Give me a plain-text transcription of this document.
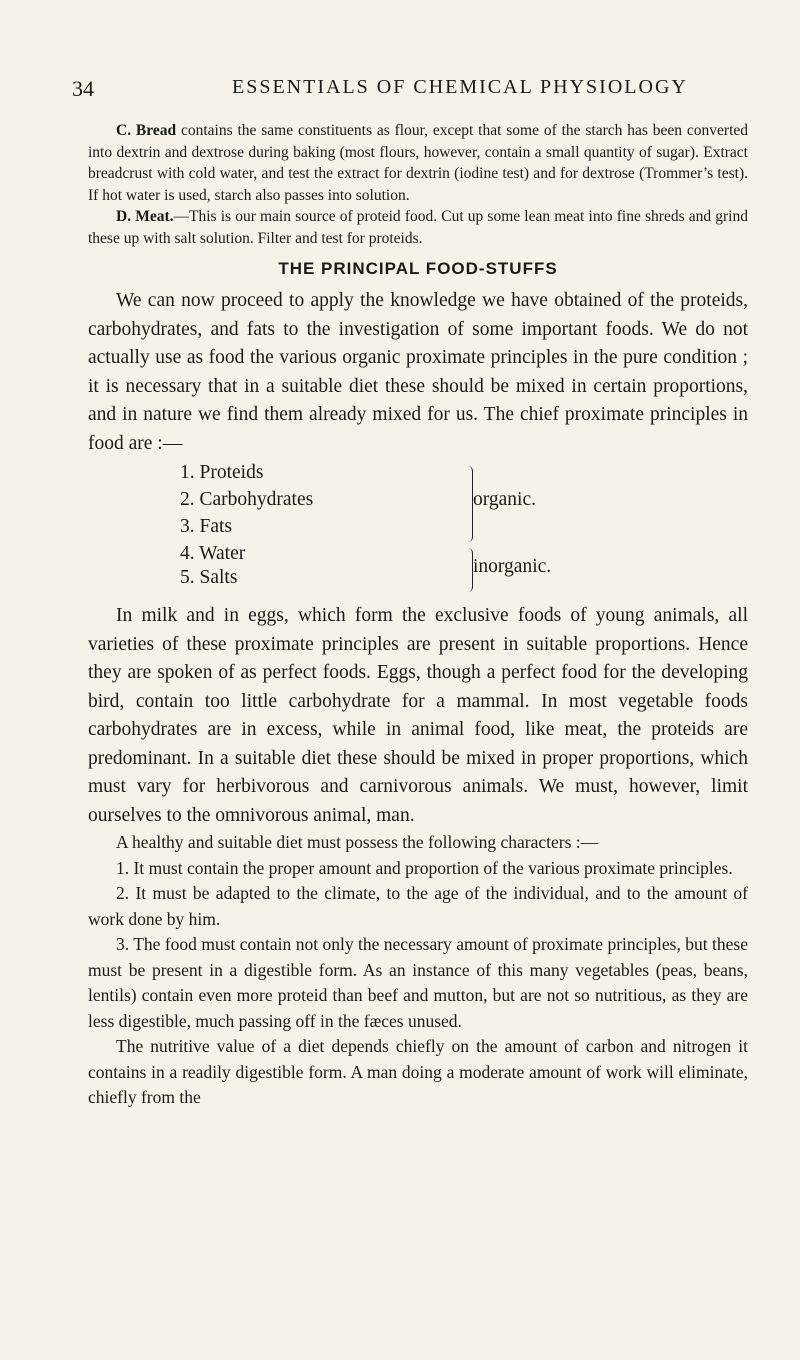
34	ESSENTIALS OF CHEMICAL PHYSIOLOGY

C. Bread contains the same constituents as flour, except that some of the starch has been converted into dextrin and dextrose during baking (most flours, however, contain a small quantity of sugar). Extract breadcrust with cold water, and test the extract for dextrin (iodine test) and for dextrose (Trommer’s test). If hot water is used, starch also passes into solution.

D. Meat.—This is our main source of proteid food. Cut up some lean meat into fine shreds and grind these up with salt solution. Filter and test for proteids.

THE PRINCIPAL FOOD-STUFFS

We can now proceed to apply the knowledge we have obtained of the proteids, carbohydrates, and fats to the investigation of some important foods. We do not actually use as food the various organic proximate principles in the pure condition ; it is necessary that in a suitable diet these should be mixed in certain proportions, and in nature we find them already mixed for us. The chief proximate principles in food are :—

1. Proteids
2. Carbohydrates
3. Fats
4. Water
5. Salts
organic.
inorganic.

In milk and in eggs, which form the exclusive foods of young animals, all varieties of these proximate principles are present in suitable proportions. Hence they are spoken of as perfect foods. Eggs, though a perfect food for the developing bird, contain too little carbohydrate for a mammal. In most vegetable foods carbohydrates are in excess, while in animal food, like meat, the proteids are predominant. In a suitable diet these should be mixed in proper proportions, which must vary for herbivorous and carnivorous animals. We must, however, limit ourselves to the omnivorous animal, man.

A healthy and suitable diet must possess the following characters :—

1. It must contain the proper amount and proportion of the various proximate principles.

2. It must be adapted to the climate, to the age of the individual, and to the amount of work done by him.

3. The food must contain not only the necessary amount of proximate principles, but these must be present in a digestible form. As an instance of this many vegetables (peas, beans, lentils) contain even more proteid than beef and mutton, but are not so nutritious, as they are less digestible, much passing off in the fæces unused.

The nutritive value of a diet depends chiefly on the amount of carbon and nitrogen it contains in a readily digestible form. A man doing a moderate amount of work will eliminate, chiefly from the
